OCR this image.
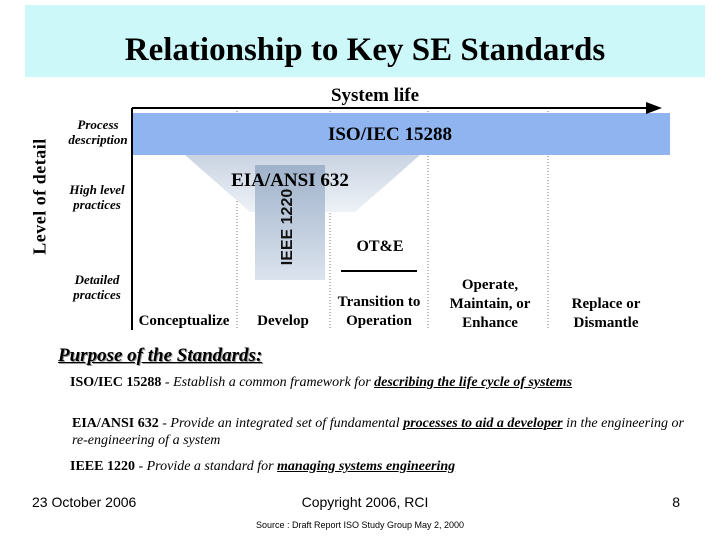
Relationship to Key SE Standards
System life
Level of detail
Process description
High level practices
Detailed practices
ISO/IEC 15288
EIA/ANSI 632
IEEE 1220	OT&E
Conceptualize	Develop
Transition to Operation
Operate, Maintain, or Enhance
Replace or Dismantle
Purpose of the Standards:
ISO/IEC 15288 - Establish a common framework for describing the life cycle of systems
EIA/ANSI 632 - Provide an integrated set of fundamental processes to aid a developer in the engineering or re-engineering of a system
IEEE 1220 - Provide a standard for managing systems engineering
23 October 2006	Copyright 2006, RCI	8
Source : Draft Report ISO Study Group May 2, 2000
